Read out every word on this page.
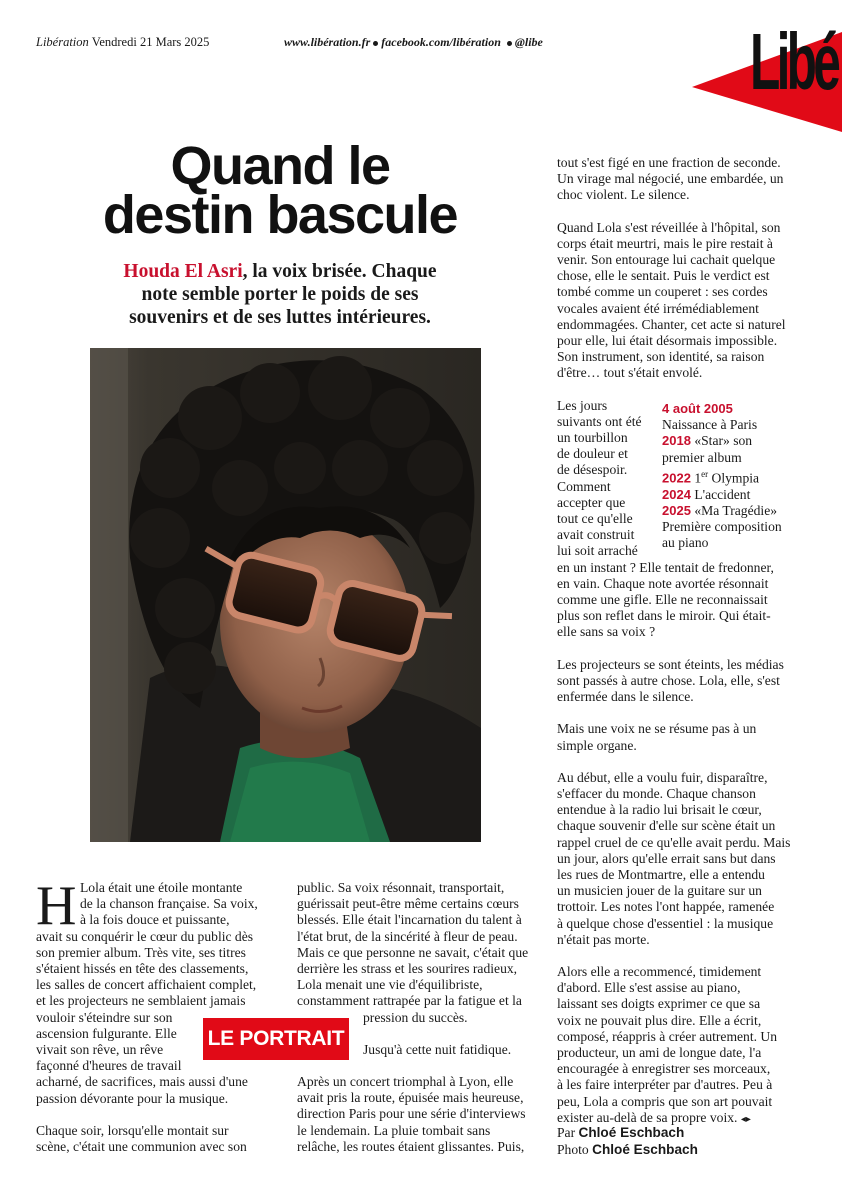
Libération Vendredi 21 Mars 2025	www.libération.fr facebook.com/libération @libe	Libé
Quand le
destin bascule
Houda El Asri, la voix brisée. Chaque
note semble porter le poids de ses
souvenirs et de ses luttes intérieures.
H Lola était une étoile montante
de la chanson française. Sa voix,
à la fois douce et puissante,
avait su conquérir le cœur du public dès
son premier album. Très vite, ses titres
s'étaient hissés en tête des classements,
les salles de concert affichaient complet,
et les projecteurs ne semblaient jamais
vouloir s'éteindre sur son
ascension fulgurante. Elle
vivait son rêve, un rêve
façonné d'heures de travail
acharné, de sacrifices, mais aussi d'une
passion dévorante pour la musique.
Chaque soir, lorsqu'elle montait sur
scène, c'était une communion avec son
public. Sa voix résonnait, transportait,
guérissait peut-être même certains cœurs
blessés. Elle était l'incarnation du talent à
l'état brut, de la sincérité à fleur de peau.
Mais ce que personne ne savait, c'était que
derrière les strass et les sourires radieux,
Lola menait une vie d'équilibriste,
constamment rattrapée par la fatigue et la
pression du succès.
Jusqu'à cette nuit fatidique.
Après un concert triomphal à Lyon, elle
avait pris la route, épuisée mais heureuse,
direction Paris pour une série d'interviews
le lendemain. La pluie tombait sans
relâche, les routes étaient glissantes. Puis,
LE PORTRAIT
tout s'est figé en une fraction de seconde.
Un virage mal négocié, une embardée, un
choc violent. Le silence.
Quand Lola s'est réveillée à l'hôpital, son
corps était meurtri, mais le pire restait à
venir. Son entourage lui cachait quelque
chose, elle le sentait. Puis le verdict est
tombé comme un couperet : ses cordes
vocales avaient été irrémédiablement
endommagées. Chanter, cet acte si naturel
pour elle, lui était désormais impossible.
Son instrument, son identité, sa raison
d'être… tout s'était envolé.
Les jours
suivants ont été
un tourbillon
de douleur et
de désespoir.
Comment
accepter que
tout ce qu'elle
avait construit
lui soit arraché
en un instant ? Elle tentait de fredonner,
en vain. Chaque note avortée résonnait
comme une gifle. Elle ne reconnaissait
plus son reflet dans le miroir. Qui était-
elle sans sa voix ?
Les projecteurs se sont éteints, les médias
sont passés à autre chose. Lola, elle, s'est
enfermée dans le silence.
Mais une voix ne se résume pas à un
simple organe.
Au début, elle a voulu fuir, disparaître,
s'effacer du monde. Chaque chanson
entendue à la radio lui brisait le cœur,
chaque souvenir d'elle sur scène était un
rappel cruel de ce qu'elle avait perdu. Mais
un jour, alors qu'elle errait sans but dans
les rues de Montmartre, elle a entendu
un musicien jouer de la guitare sur un
trottoir. Les notes l'ont happée, ramenée
à quelque chose d'essentiel : la musique
n'était pas morte.
Alors elle a recommencé, timidement
d'abord. Elle s'est assise au piano,
laissant ses doigts exprimer ce que sa
voix ne pouvait plus dire. Elle a écrit,
composé, réappris à créer autrement. Un
producteur, un ami de longue date, l'a
encouragée à enregistrer ses morceaux,
à les faire interpréter par d'autres. Peu à
peu, Lola a compris que son art pouvait
exister au-delà de sa propre voix. ◂▸
4 août 2005
Naissance à Paris
2018 «Star» son
premier album
2022 1er Olympia
2024 L'accident
2025 «Ma Tragédie»
Première composition
au piano
Par Chloé Eschbach
Photo Chloé Eschbach
